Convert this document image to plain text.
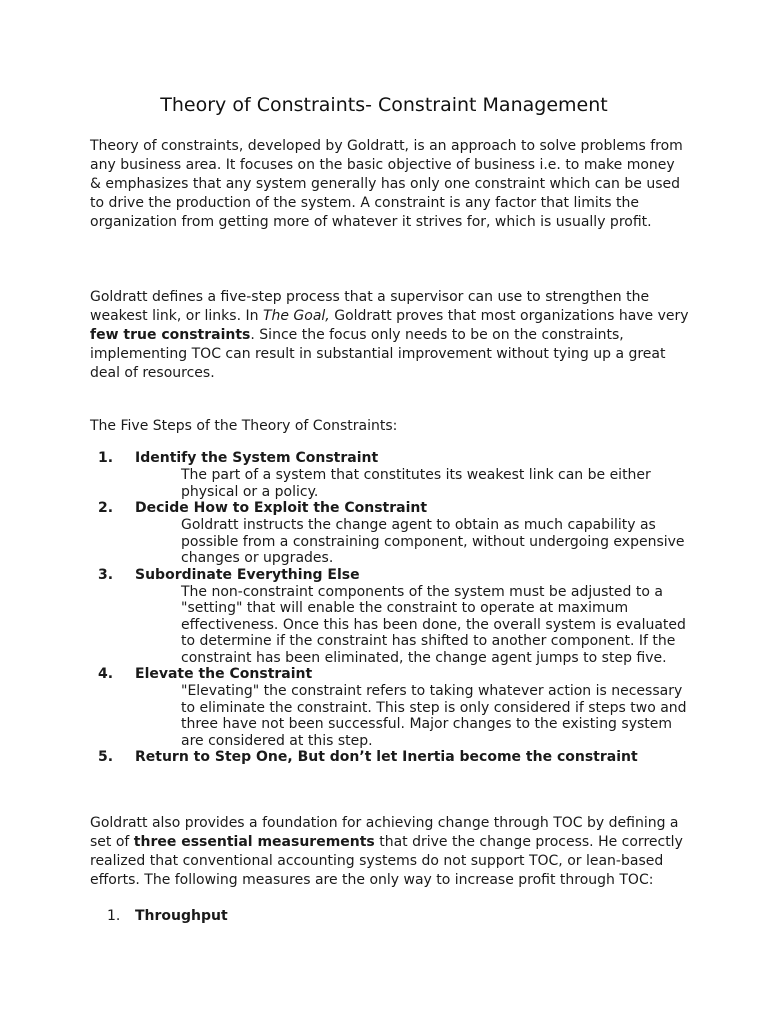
Theory of Constraints- Constraint Management

Theory of constraints, developed by Goldratt, is an approach to solve problems from any business area. It focuses on the basic objective of business i.e. to make money & emphasizes that any system generally has only one constraint which can be used to drive the production of the system. A constraint is any factor that limits the organization from getting more of whatever it strives for, which is usually profit.

Goldratt defines a five-step process that a supervisor can use to strengthen the weakest link, or links. In The Goal, Goldratt proves that most organizations have very few true constraints. Since the focus only needs to be on the constraints, implementing TOC can result in substantial improvement without tying up a great deal of resources.

The Five Steps of the Theory of Constraints:

1. Identify the System Constraint

The part of a system that constitutes its weakest link can be either physical or a policy.

2. Decide How to Exploit the Constraint

Goldratt instructs the change agent to obtain as much capability as possible from a constraining component, without undergoing expensive changes or upgrades.

3. Subordinate Everything Else

The non-constraint components of the system must be adjusted to a "setting" that will enable the constraint to operate at maximum effectiveness. Once this has been done, the overall system is evaluated to determine if the constraint has shifted to another component. If the constraint has been eliminated, the change agent jumps to step five.

4. Elevate the Constraint

"Elevating" the constraint refers to taking whatever action is necessary to eliminate the constraint. This step is only considered if steps two and three have not been successful. Major changes to the existing system are considered at this step.

5. Return to Step One, But don’t let Inertia become the constraint

Goldratt also provides a foundation for achieving change through TOC by defining a set of three essential measurements that drive the change process. He correctly realized that conventional accounting systems do not support TOC, or lean-based efforts. The following measures are the only way to increase profit through TOC:

1. Throughput
